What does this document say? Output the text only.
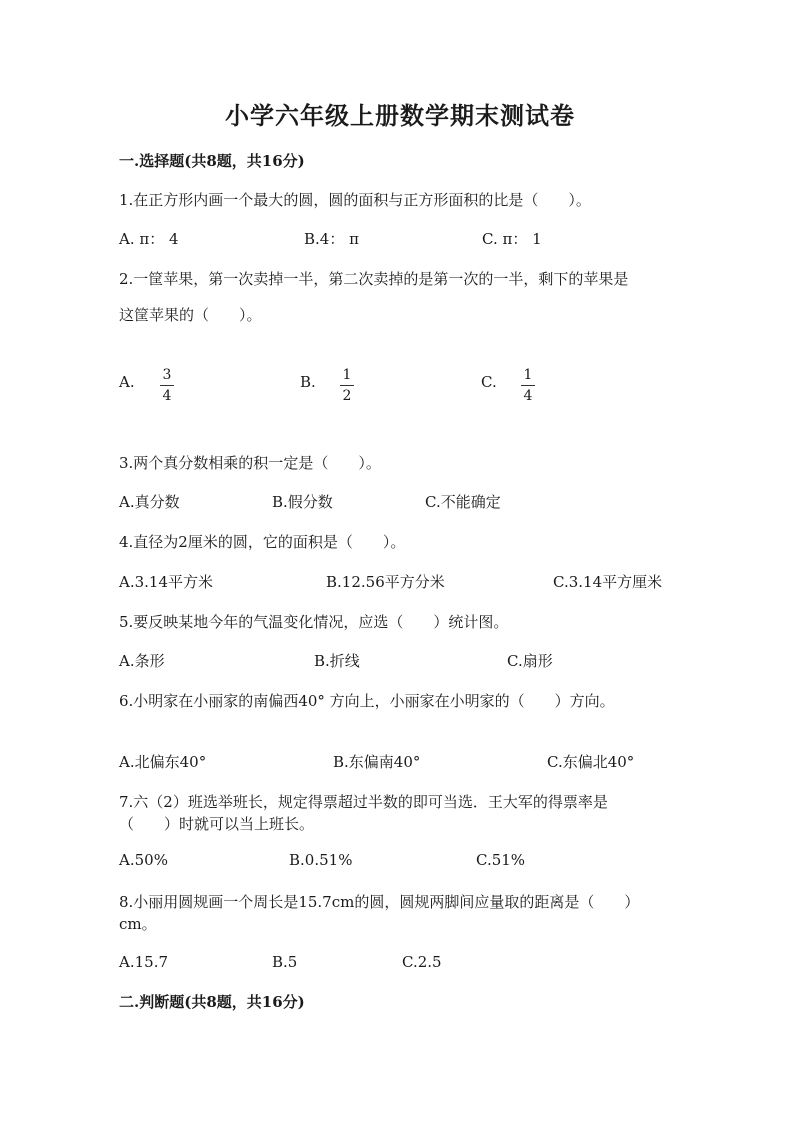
小学六年级上册数学期末测试卷
一.选择题(共8题，共16分)
1.在正方形内画一个最大的圆，圆的面积与正方形面积的比是（　　）。
A. π： 4	B.4： π	C. π： 1
2.一筐苹果，第一次卖掉一半，第二次卖掉的是第一次的一半，剩下的苹果是
这筐苹果的（　　）。
A. 3
4
B. 1
2
C. 1
4
3.两个真分数相乘的积一定是（　　）。
A.真分数	B.假分数	C.不能确定
4.直径为2厘米的圆，它的面积是（　　）。
A.3.14平方米	B.12.56平方分米	C.3.14平方厘米
5.要反映某地今年的气温变化情况，应选（　　）统计图。
A.条形	B.折线	C.扇形
6.小明家在小丽家的南偏西40° 方向上，小丽家在小明家的（　　）方向。
A.北偏东40°	B.东偏南40°	C.东偏北40°
7.六（2）班选举班长，规定得票超过半数的即可当选．王大军的得票率是
（　　）时就可以当上班长。
A.50%	B.0.51%	C.51%
8.小丽用圆规画一个周长是15.7cm的圆，圆规两脚间应量取的距离是（　　）
cm。
A.15.7	B.5	C.2.5
二.判断题(共8题，共16分)
